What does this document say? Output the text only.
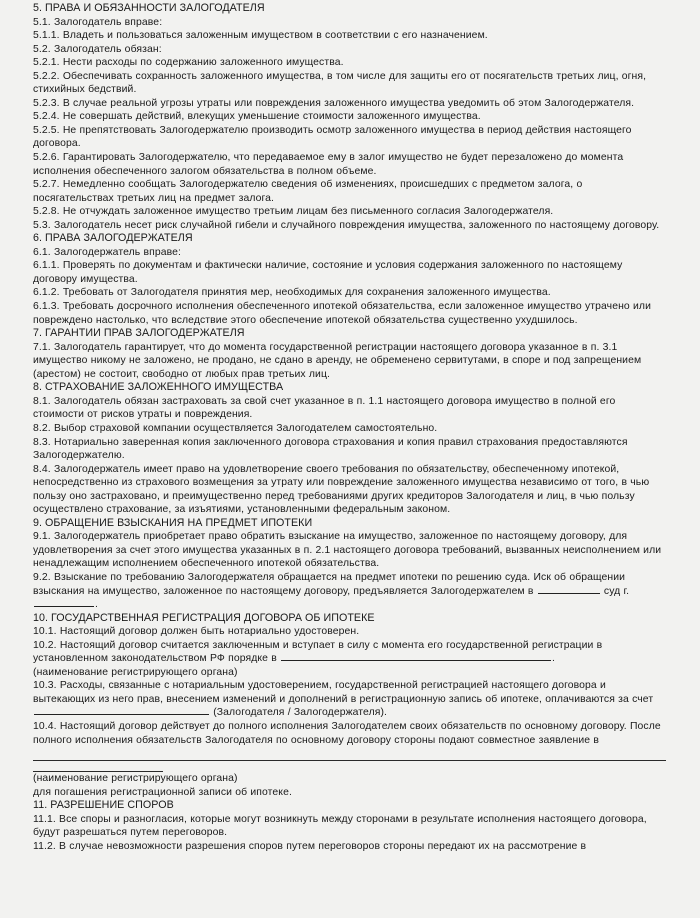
5. ПРАВА И ОБЯЗАННОСТИ ЗАЛОГОДАТЕЛЯ
5.1. Залогодатель вправе:
5.1.1. Владеть и пользоваться заложенным имуществом в соответствии с его назначением.
5.2. Залогодатель обязан:
5.2.1. Нести расходы по содержанию заложенного имущества.
5.2.2. Обеспечивать сохранность заложенного имущества, в том числе для защиты его от посягательств третьих лиц, огня, стихийных бедствий.
5.2.3. В случае реальной угрозы утраты или повреждения заложенного имущества уведомить об этом Залогодержателя.
5.2.4. Не совершать действий, влекущих уменьшение стоимости заложенного имущества.
5.2.5. Не препятствовать Залогодержателю производить осмотр заложенного имущества в период действия настоящего договора.
5.2.6. Гарантировать Залогодержателю, что передаваемое ему в залог имущество не будет перезаложено до момента исполнения обеспеченного залогом обязательства в полном объеме.
5.2.7. Немедленно сообщать Залогодержателю сведения об изменениях, происшедших с предметом залога, о посягательствах третьих лиц на предмет залога.
5.2.8. Не отчуждать заложенное имущество третьим лицам без письменного согласия Залогодержателя.
5.3. Залогодатель несет риск случайной гибели и случайного повреждения имущества, заложенного по настоящему договору.
6. ПРАВА ЗАЛОГОДЕРЖАТЕЛЯ
6.1. Залогодержатель вправе:
6.1.1. Проверять по документам и фактически наличие, состояние и условия содержания заложенного по настоящему договору имущества.
6.1.2. Требовать от Залогодателя принятия мер, необходимых для сохранения заложенного имущества.
6.1.3. Требовать досрочного исполнения обеспеченного ипотекой обязательства, если заложенное имущество утрачено или повреждено настолько, что вследствие этого обеспечение ипотекой обязательства существенно ухудшилось.
7. ГАРАНТИИ ПРАВ ЗАЛОГОДЕРЖАТЕЛЯ
7.1. Залогодатель гарантирует, что до момента государственной регистрации настоящего договора указанное в п. 3.1 имущество никому не заложено, не продано, не сдано в аренду, не обременено сервитутами, в споре и под запрещением (арестом) не состоит, свободно от любых прав третьих лиц.
8. СТРАХОВАНИЕ ЗАЛОЖЕННОГО ИМУЩЕСТВА
8.1. Залогодатель обязан застраховать за свой счет указанное в п. 1.1 настоящего договора имущество в полной его стоимости от рисков утраты и повреждения.
8.2. Выбор страховой компании осуществляется Залогодателем самостоятельно.
8.3. Нотариально заверенная копия заключенного договора страхования и копия правил страхования предоставляются Залогодержателю.
8.4. Залогодержатель имеет право на удовлетворение своего требования по обязательству, обеспеченному ипотекой, непосредственно из страхового возмещения за утрату или повреждение заложенного имущества независимо от того, в чью пользу оно застраховано, и преимущественно перед требованиями других кредиторов Залогодателя и лиц, в чью пользу осуществлено страхование, за изъятиями, установленными федеральным законом.
9. ОБРАЩЕНИЕ ВЗЫСКАНИЯ НА ПРЕДМЕТ ИПОТЕКИ
9.1. Залогодержатель приобретает право обратить взыскание на имущество, заложенное по настоящему договору, для удовлетворения за счет этого имущества указанных в п. 2.1 настоящего договора требований, вызванных неисполнением или ненадлежащим исполнением обеспеченного ипотекой обязательства.
9.2. Взыскание по требованию Залогодержателя обращается на предмет ипотеки по решению суда. Иск об обращении взыскания на имущество, заложенное по настоящему договору, предъявляется Залогодержателем в	суд г. .
10. ГОСУДАРСТВЕННАЯ РЕГИСТРАЦИЯ ДОГОВОРА ОБ ИПОТЕКЕ
10.1. Настоящий договор должен быть нотариально удостоверен.
10.2. Настоящий договор считается заключенным и вступает в силу с момента его государственной регистрации в установленном законодательством РФ порядке в	.
(наименование регистрирующего органа)
10.3. Расходы, связанные с нотариальным удостоверением, государственной регистрацией настоящего договора и вытекающих из него прав, внесением изменений и дополнений в регистрационную запись об ипотеке, оплачиваются за счет  (Залогодателя / Залогодержателя).
10.4. Настоящий договор действует до полного исполнения Залогодателем своих обязательств по основному договору. После полного исполнения обязательств Залогодателя по основному договору стороны подают совместное заявление в
(наименование регистрирующего органа)
для погашения регистрационной записи об ипотеке.
11. РАЗРЕШЕНИЕ СПОРОВ
11.1. Все споры и разногласия, которые могут возникнуть между сторонами в результате исполнения настоящего договора, будут разрешаться путем переговоров.
11.2. В случае невозможности разрешения споров путем переговоров стороны передают их на рассмотрение в
